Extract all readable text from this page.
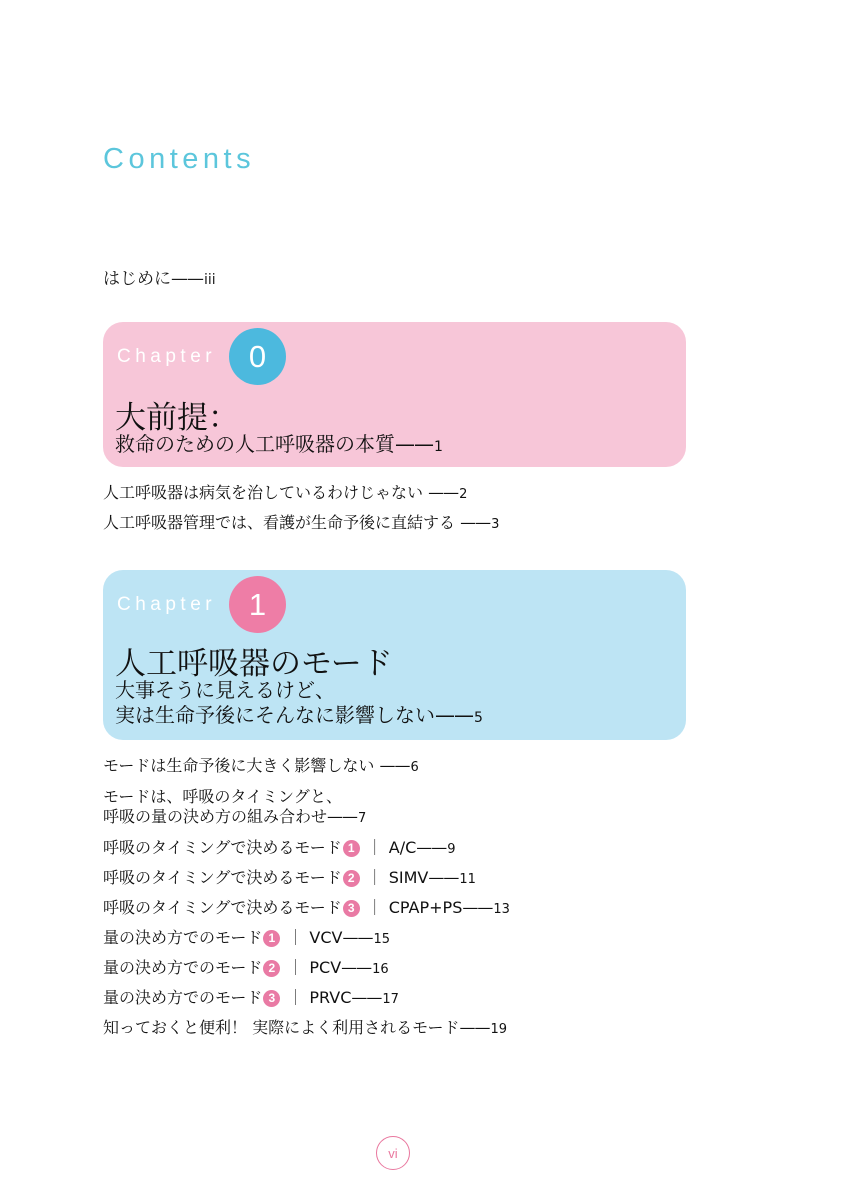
Contents
はじめに——iii
Chapter	0
大前提：
救命のための人工呼吸器の本質——1
人工呼吸器は病気を治しているわけじゃない ——2
人工呼吸器管理では、看護が生命予後に直結する ——3
Chapter	1
人工呼吸器のモード
大事そうに見えるけど、
実は生命予後にそんなに影響しない——5
モードは生命予後に大きく影響しない ——6
モードは、呼吸のタイミングと、
呼吸の量の決め方の組み合わせ——7
呼吸のタイミングで決めるモード 1 ｜ A/C——9
呼吸のタイミングで決めるモード 2 ｜ SIMV——11
呼吸のタイミングで決めるモード 3 ｜ CPAP+PS——13
量の決め方でのモード 1 ｜ VCV——15
量の決め方でのモード 2 ｜ PCV——16
量の決め方でのモード 3 ｜ PRVC——17
知っておくと便利！ 実際によく利用されるモード——19
vi
